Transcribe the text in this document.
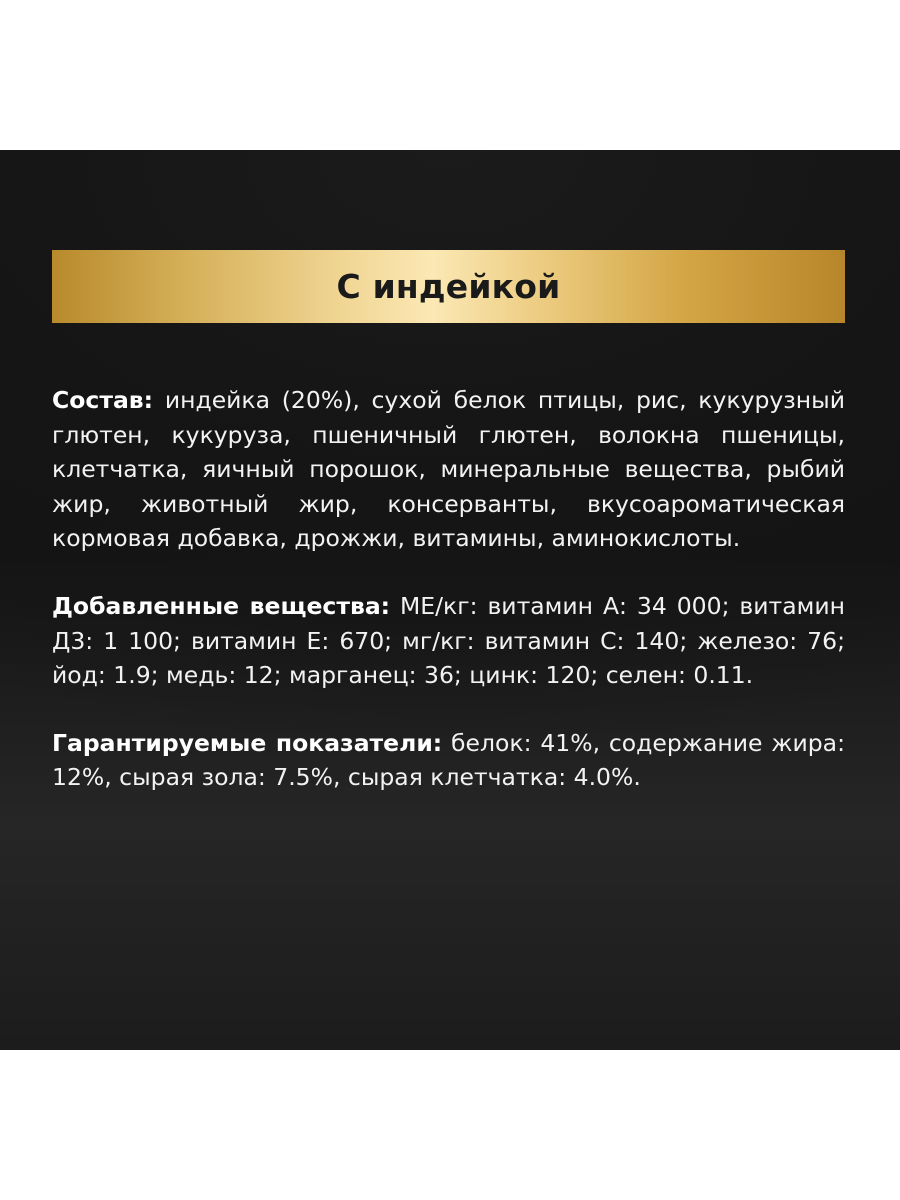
С индейкой

Состав: индейка (20%), сухой белок птицы, рис, кукурузный глютен, кукуруза, пшеничный глютен, волокна пшеницы, клетчатка, яичный порошок, минеральные вещества, рыбий жир, животный жир, консерванты, вкусоароматическая кормовая добавка, дрожжи, витамины, аминокислоты.

Добавленные вещества: МЕ/кг: витамин А: 34 000; витамин Д3: 1 100; витамин Е: 670; мг/кг: витамин С: 140; железо: 76; йод: 1.9; медь: 12; марганец: 36; цинк: 120; селен: 0.11.

Гарантируемые показатели: белок: 41%, содержание жира: 12%, сырая зола: 7.5%, сырая клетчатка: 4.0%.
